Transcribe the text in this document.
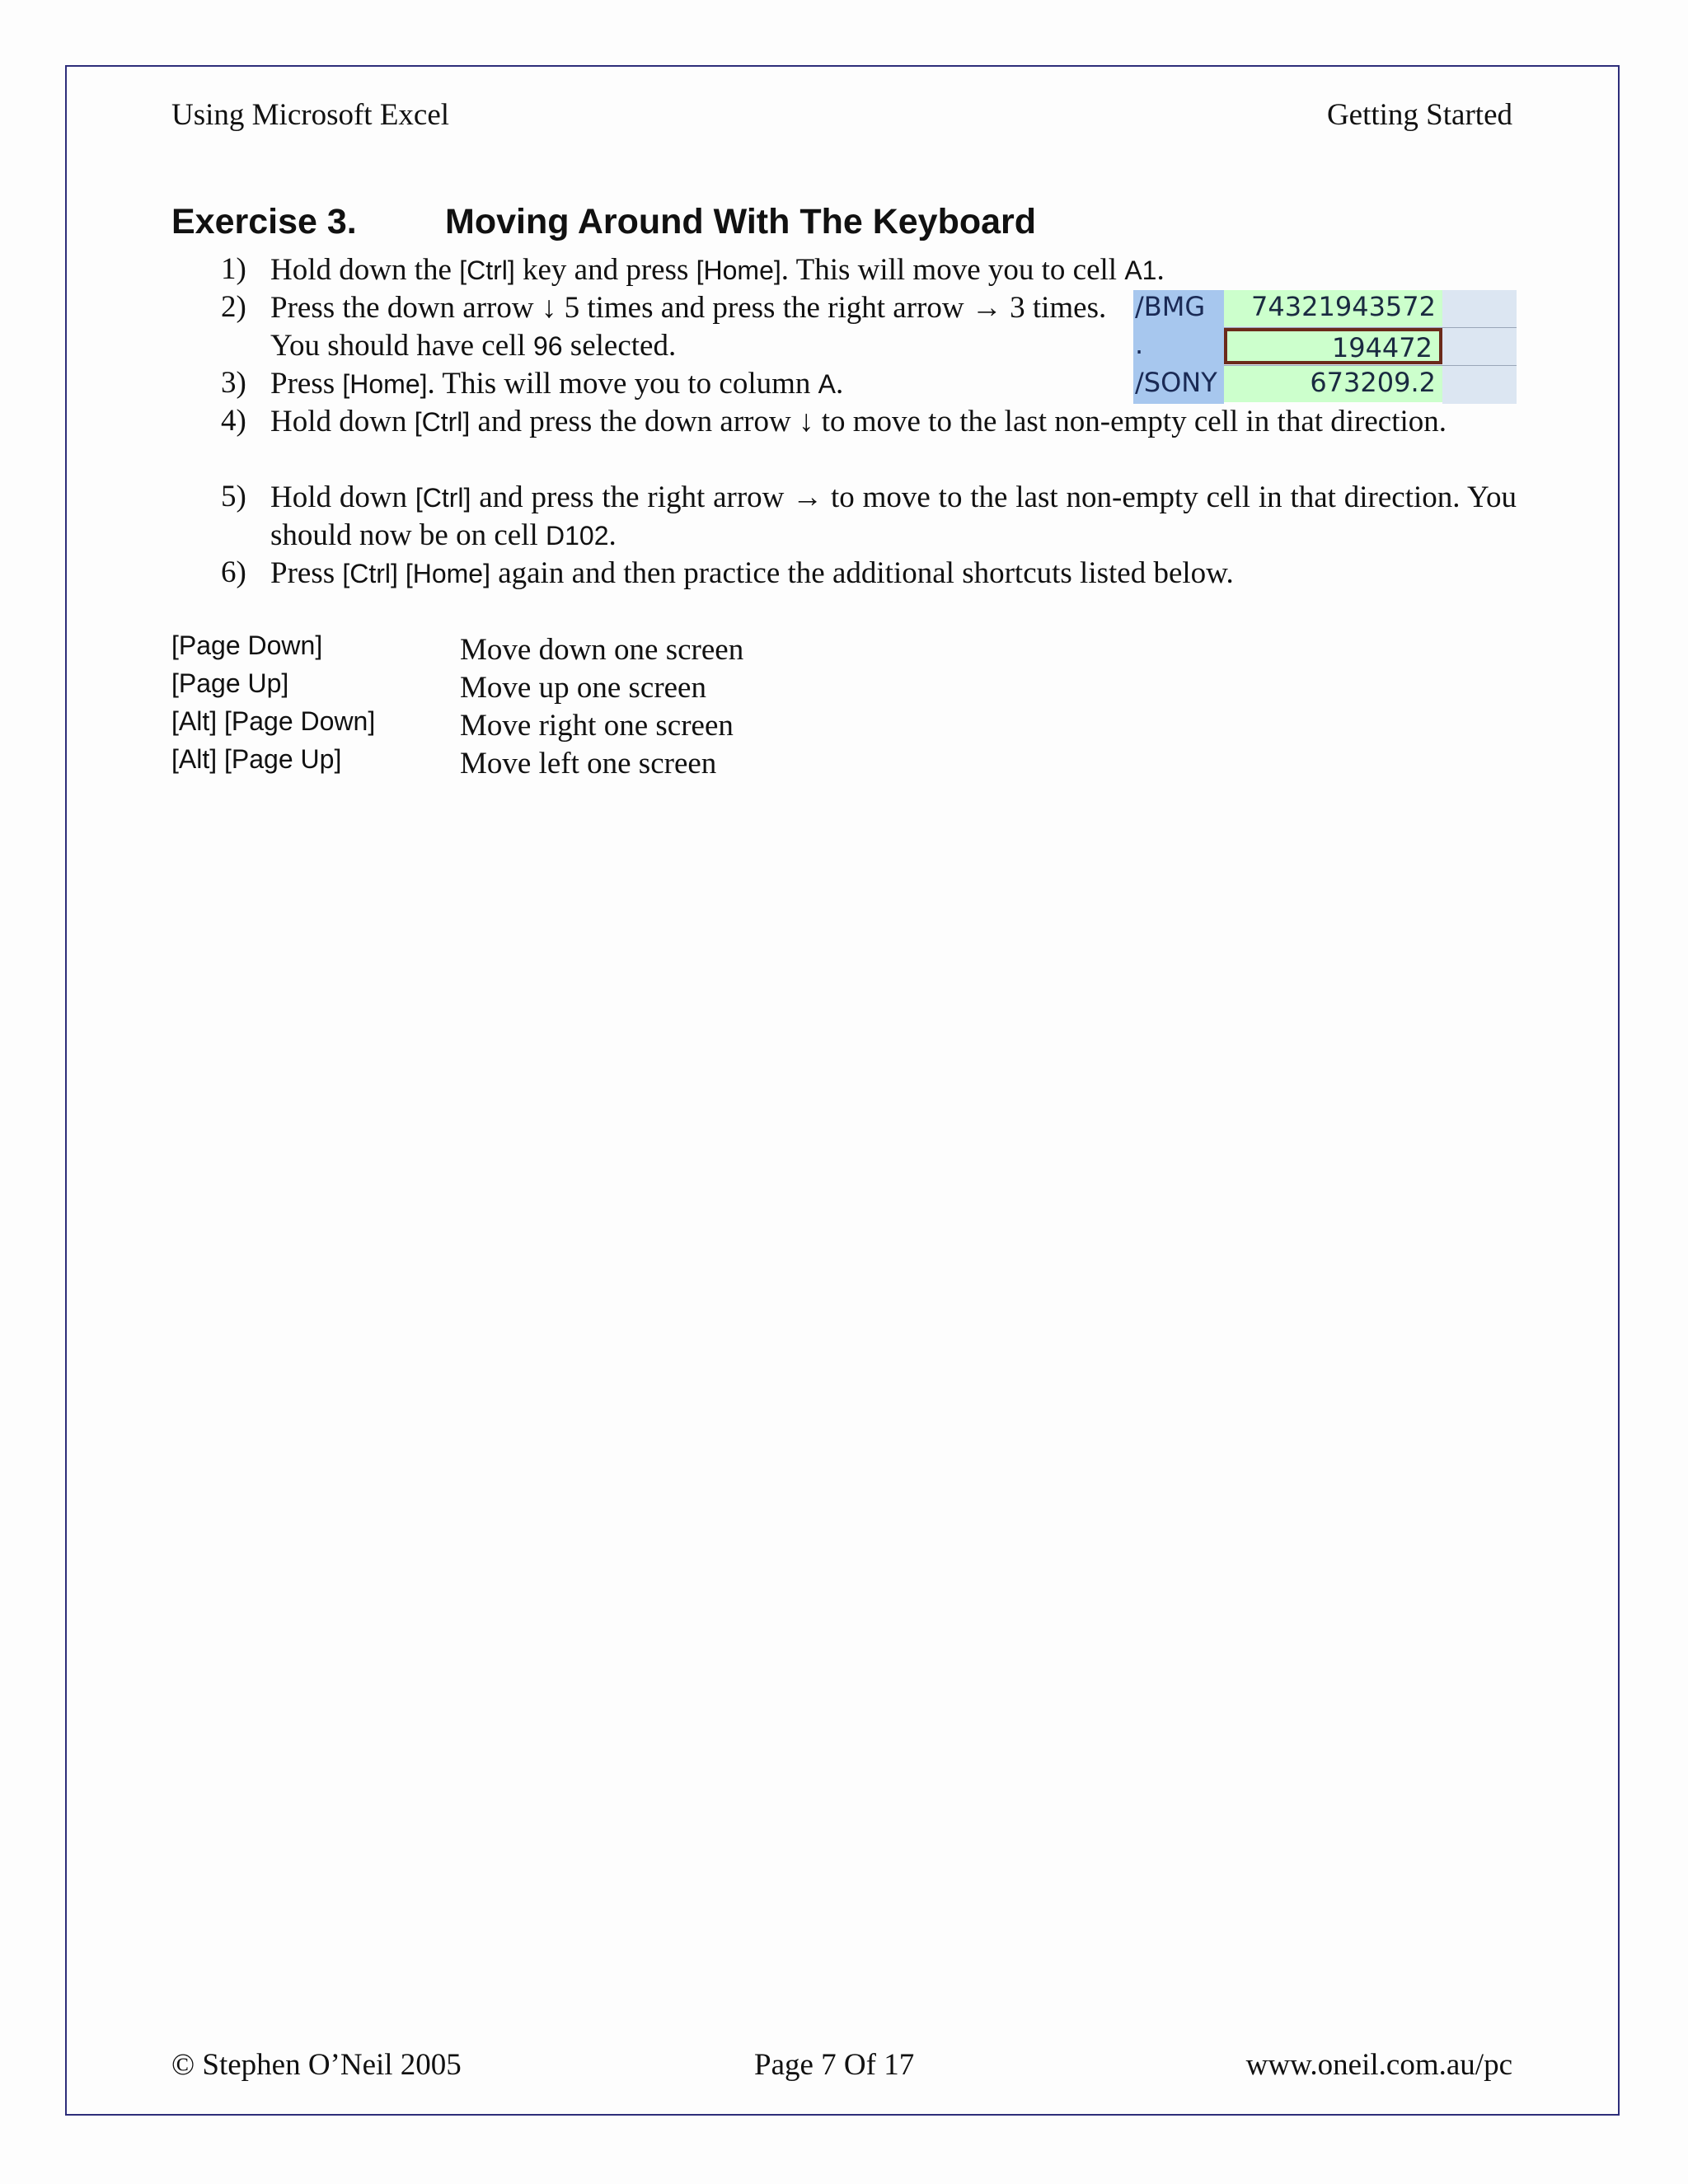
Using Microsoft Excel	Getting Started
Exercise 3. Moving Around With The Keyboard
1) Hold down the [Ctrl] key and press [Home]. This will move you to cell A1.
2) Press the down arrow ↓ 5 times and press the right arrow → 3 times. You should have cell 96 selected.
3) Press [Home]. This will move you to column A.
4) Hold down [Ctrl] and press the down arrow ↓ to move to the last non-empty cell in that direction.
5) Hold down [Ctrl] and press the right arrow → to move to the last non-empty cell in that direction. You should now be on cell D102.
6) Press [Ctrl] [Home] again and then practice the additional shortcuts listed below.
/BMG	74321943572
.	194472
/SONY	673209.2
[Page Down]	Move down one screen
[Page Up]	Move up one screen
[Alt] [Page Down]	Move right one screen
[Alt] [Page Up]	Move left one screen
© Stephen O’Neil 2005	Page 7 Of 17	www.oneil.com.au/pc
